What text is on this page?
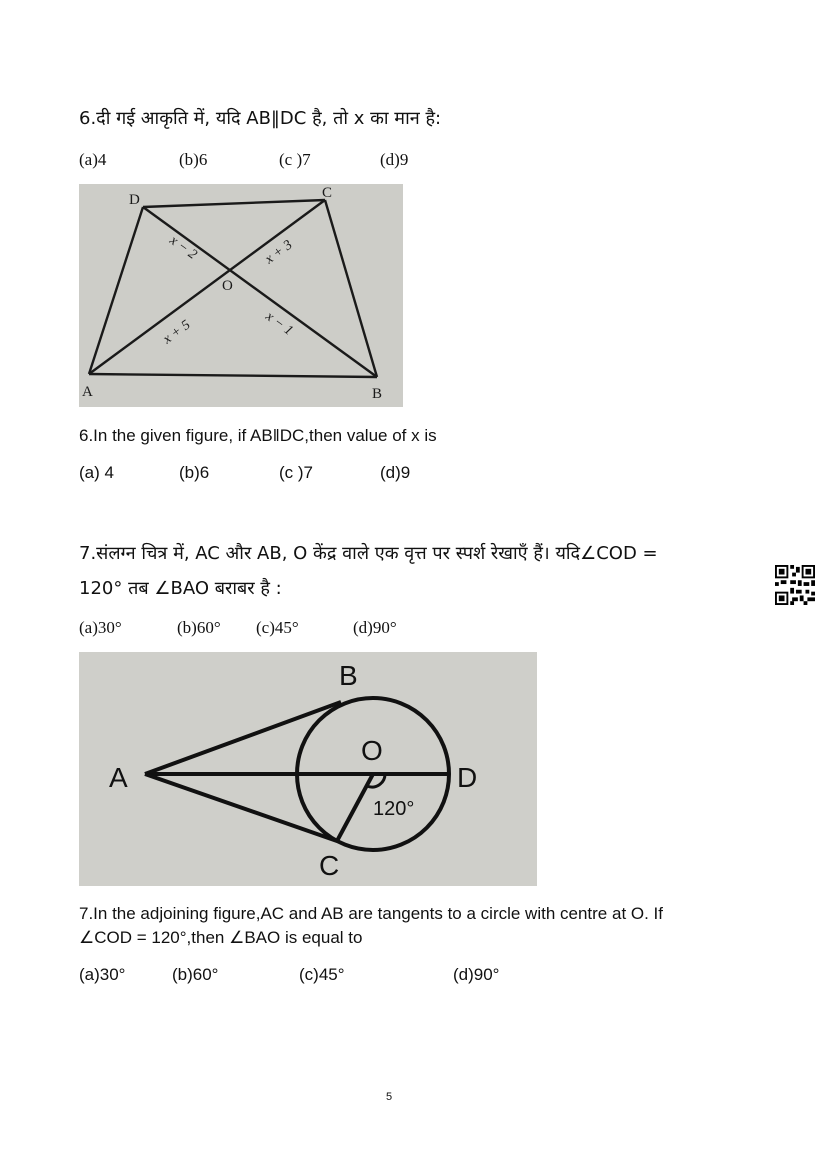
6.दी गई आकृति में, यदि AB‖DC है, तो x का मान है:
(a)4	(b)6	(c )7	(d)9
D	C
A	B
O
x − 2	x + 3
x + 5	x − 1
6.In the given figure, if AB‖DC,then value of x is
(a) 4	(b)6	(c )7	(d)9
7.संलग्न चित्र में, AC और AB, O केंद्र वाले एक वृत्त पर स्पर्श रेखाएँ हैं। यदि∠COD =
120° तब ∠BAO बराबर है :
(a)30°	(b)60° (c)45°	(d)90°
B
A	D
O
C
120°
7.In the adjoining figure,AC and AB are tangents to a circle with centre at O. If
∠COD = 120°,then ∠BAO is equal to
(a)30°	(b)60°	(c)45°	(d)90°
5
